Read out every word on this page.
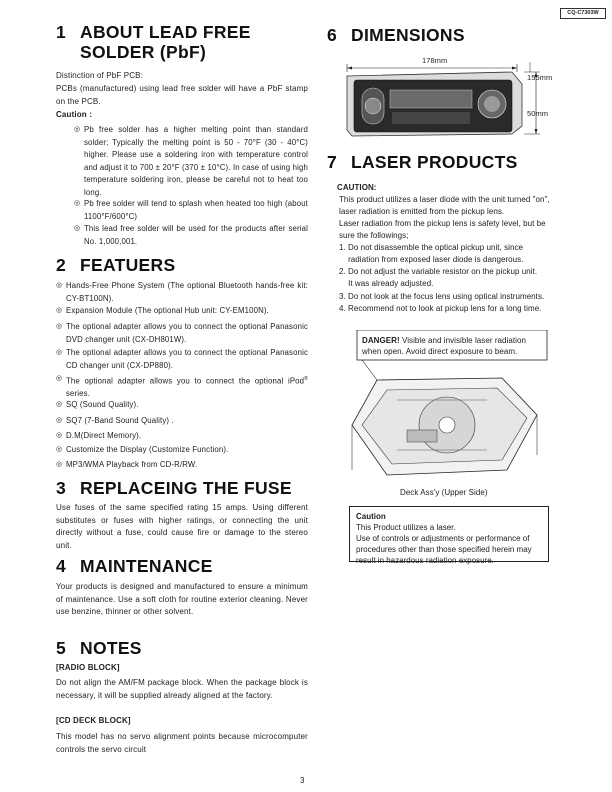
CQ-C7303W
1 ABOUT LEAD FREE
SOLDER (PbF)

Distinction of PbF PCB:

PCBs (manufactured) using lead free solder will have a PbF stamp on the PCB.

Caution :

◎ Pb free solder has a higher melting point than standard solder; Typically the melting point is 50 - 70°F (30 - 40°C) higher. Please use a soldering iron with temperature control and adjust it to 700 ± 20°F (370 ± 10°C). In case of using high temperature soldering iron, please be careful not to heat too long.
◎ Pb free solder will tend to splash when heated too high (about 1100°F/600°C)
◎ This lead free solder will be used for the products after serial No. 1,000,001.
2 FEATUERS
◎ Hands-Free Phone System (The optional Bluetooth hands-free kit: CY-BT100N).
◎ Expansion Module (The optional Hub unit: CY-EM100N).
◎ The optional adapter allows you to connect the optional Panasonic DVD changer unit (CX-DH801W).
◎ The optional adapter allows you to connect the optional Panasonic CD changer unit (CX-DP880).
◎ The optional adapter allows you to connect the optional iPod® series.
◎ SQ (Sound Quality).
◎ SQ7 (7-Band Sound Quality) .
◎ D.M(Direct Memory).
◎ Customize the Display (Customize Function).
◎ MP3/WMA Playback from CD-R/RW.
3 REPLACEING THE FUSE

Use fuses of the same specified rating 15 amps. Using different substitutes or fuses with higher ratings, or connecting the unit directly without a fuse, could cause fire or damage to the stereo unit.

4 MAINTENANCE

Your products is designed and manufactured to ensure a minimum of maintenance. Use a soft cloth for routine exterior cleaning. Never use benzine, thinner or other solvent.

5 NOTES

[RADIO BLOCK]

Do not align the AM/FM package block. When the package block is necessary, it will be supplied already aligned at the factory.

[CD DECK BLOCK]

This model has no servo alignment points because microcomputer controls the servo circuit

6 DIMENSIONS
178mm
155mm
50mm
7 LASER PRODUCTS
CAUTION:
This product utilizes a laser diode with the unit turned "on",
laser radiation is emitted from the pickup lens.
Laser radiation from the pickup lens is safety level, but be
sure the followings;
1. Do not disassemble the optical pickup unit, since
radiation from exposed laser diode is dangerous.
2. Do not adjust the variable resistor on the pickup unit.
It was already adjusted.
3. Do not look at the focus lens using optical instruments.
4. Recommend not to look at pickup lens for a long time.
DANGER! Visible and invisible laser radiation
when open. Avoid direct exposure to beam.
Deck Ass'y (Upper Side)
Caution
This Product utilizes a laser.
Use of controls or adjustments or performance of
procedures other than those specified herein may
result in hazardous radiation exposure.
3
